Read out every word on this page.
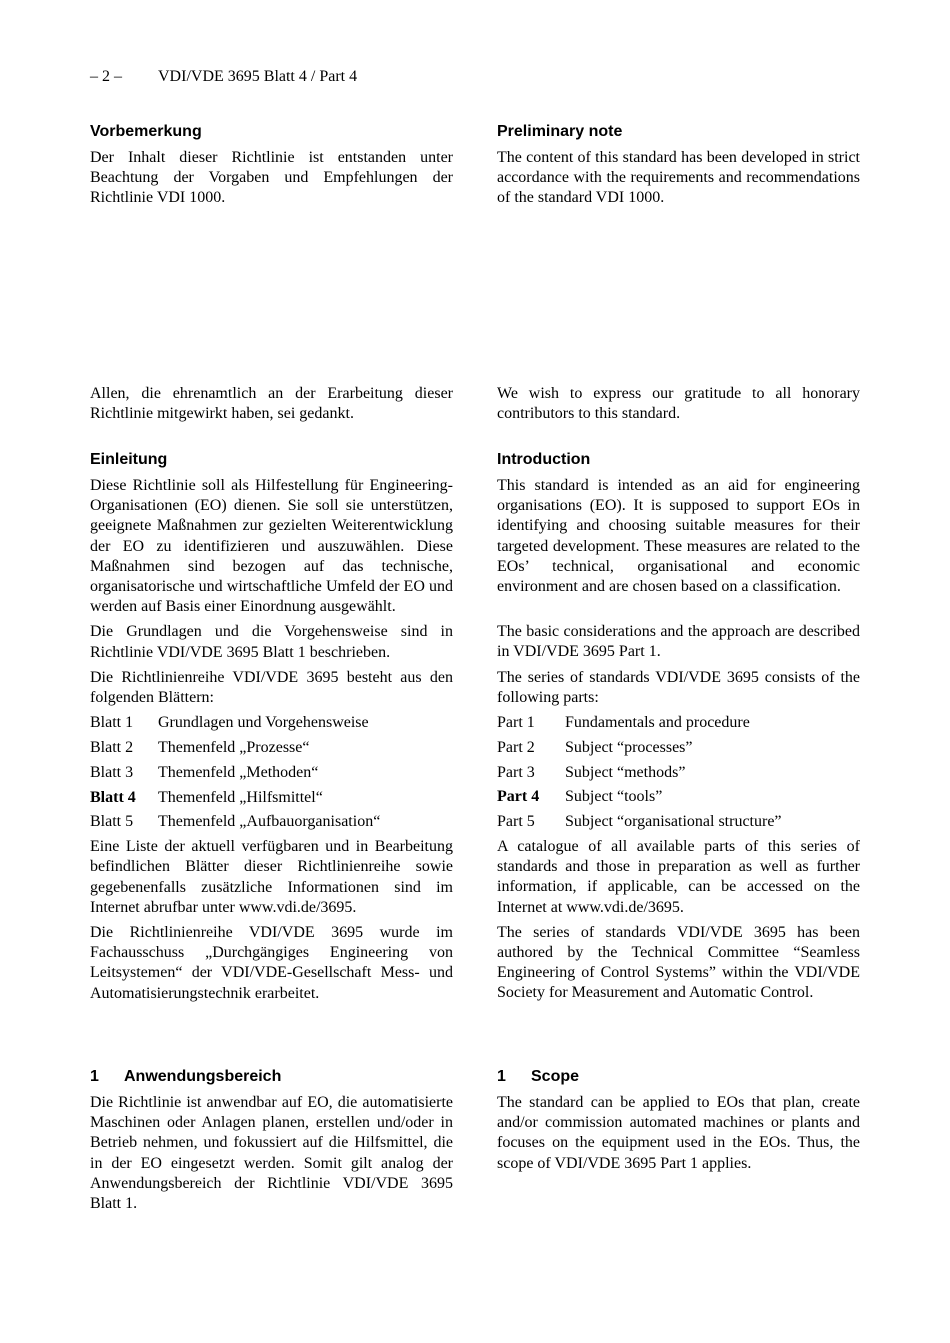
– 2 – VDI/VDE 3695 Blatt 4 / Part 4
Vorbemerkung

Der Inhalt dieser Richtlinie ist entstanden unter Beachtung der Vorgaben und Empfehlungen der Richtlinie VDI 1000.

Allen, die ehrenamtlich an der Erarbeitung dieser Richtlinie mitgewirkt haben, sei gedankt.

Einleitung

Diese Richtlinie soll als Hilfestellung für Engineering-Organisationen (EO) dienen. Sie soll sie unterstützen, geeignete Maßnahmen zur gezielten Weiterentwicklung der EO zu identifizieren und auszuwählen. Diese Maßnahmen sind bezogen auf das technische, organisatorische und wirtschaftliche Umfeld der EO und werden auf Basis einer Einordnung ausgewählt.

Die Grundlagen und die Vorgehensweise sind in Richtlinie VDI/VDE 3695 Blatt 1 beschrieben.

Die Richtlinienreihe VDI/VDE 3695 besteht aus den folgenden Blättern:

Blatt 1	Grundlagen und Vorgehensweise
Blatt 2	Themenfeld „Prozesse“
Blatt 3	Themenfeld „Methoden“
Blatt 4	Themenfeld „Hilfsmittel“
Blatt 5	Themenfeld „Aufbauorganisation“

Eine Liste der aktuell verfügbaren und in Bearbeitung befindlichen Blätter dieser Richtlinienreihe sowie gegebenenfalls zusätzliche Informationen sind im Internet abrufbar unter www.vdi.de/3695.

Die Richtlinienreihe VDI/VDE 3695 wurde im Fachausschuss „Durchgängiges Engineering von Leitsystemen“ der VDI/VDE-Gesellschaft Mess- und Automatisierungstechnik erarbeitet.

1 Anwendungsbereich

Die Richtlinie ist anwendbar auf EO, die automatisierte Maschinen oder Anlagen planen, erstellen und/oder in Betrieb nehmen, und fokussiert auf die Hilfsmittel, die in der EO eingesetzt werden. Somit gilt analog der Anwendungsbereich der Richtlinie VDI/VDE 3695 Blatt 1.

Preliminary note

The content of this standard has been developed in strict accordance with the requirements and recommendations of the standard VDI 1000.

We wish to express our gratitude to all honorary contributors to this standard.

Introduction

This standard is intended as an aid for engineering organisations (EO). It is supposed to support EOs in identifying and choosing suitable measures for their targeted development. These measures are related to the EOs’ technical, organisational and economic environment and are chosen based on a classification.

The basic considerations and the approach are described in VDI/VDE 3695 Part 1.

The series of standards VDI/VDE 3695 consists of the following parts:

Part 1	Fundamentals and procedure
Part 2	Subject “processes”
Part 3	Subject “methods”
Part 4	Subject “tools”
Part 5	Subject “organisational structure”

A catalogue of all available parts of this series of standards and those in preparation as well as further information, if applicable, can be accessed on the Internet at www.vdi.de/3695.

The series of standards VDI/VDE 3695 has been authored by the Technical Committee “Seamless Engineering of Control Systems” within the VDI/VDE Society for Measurement and Automatic Control.

1 Scope

The standard can be applied to EOs that plan, create and/or commission automated machines or plants and focuses on the equipment used in the EOs. Thus, the scope of VDI/VDE 3695 Part 1 applies.
